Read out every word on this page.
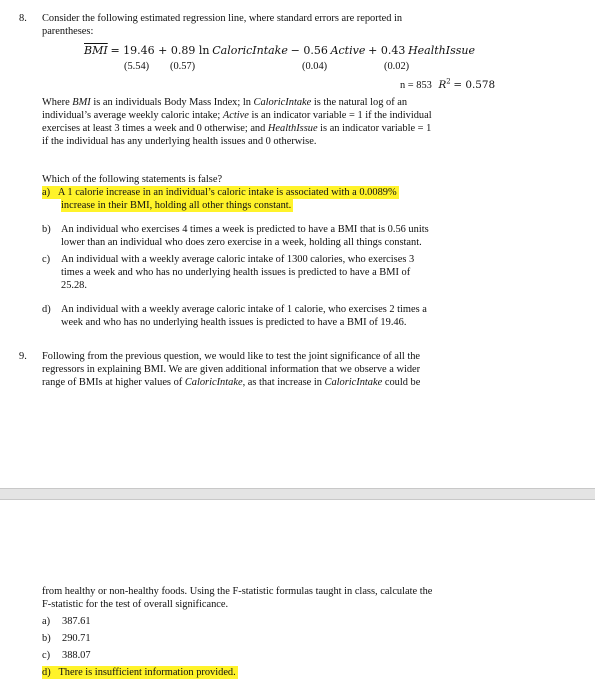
8. Consider the following estimated regression line, where standard errors are reported in
parentheses:
$\overline{BMI} = 19.46 + 0.89$ ln CaloricIntake − 0.56 Active + 0.43 HealthIssue
(5.54) (0.57)	(0.04)	(0.02)
n = 853 $R^2 = 0.578$
Where BMI is an individuals Body Mass Index; ln CaloricIntake is the natural log of an
individual’s average weekly caloric intake; Active is an indicator variable = 1 if the individual
exercises at least 3 times a week and 0 otherwise; and HealthIssue is an indicator variable = 1
if the individual has any underlying health issues and 0 otherwise.
Which of the following statements is false?
a) A 1 calorie increase in an individual’s caloric intake is associated with a 0.0089%
increase in their BMI, holding all other things constant.
b) An individual who exercises 4 times a week is predicted to have a BMI that is 0.56 units
lower than an individual who does zero exercise in a week, holding all things constant.
c) An individual with a weekly average caloric intake of 1300 calories, who exercises 3
times a week and who has no underlying health issues is predicted to have a BMI of
25.28.
d) An individual with a weekly average caloric intake of 1 calorie, who exercises 2 times a
week and who has no underlying health issues is predicted to have a BMI of 19.46.
9. Following from the previous question, we would like to test the joint significance of all the
regressors in explaining BMI. We are given additional information that we observe a wider
range of BMIs at higher values of CaloricIntake, as that increase in CaloricIntake could be
from healthy or non-healthy foods. Using the F-statistic formulas taught in class, calculate the
F-statistic for the test of overall significance.
a) 387.61
b) 290.71
c) 388.07
d) There is insufficient information provided.
